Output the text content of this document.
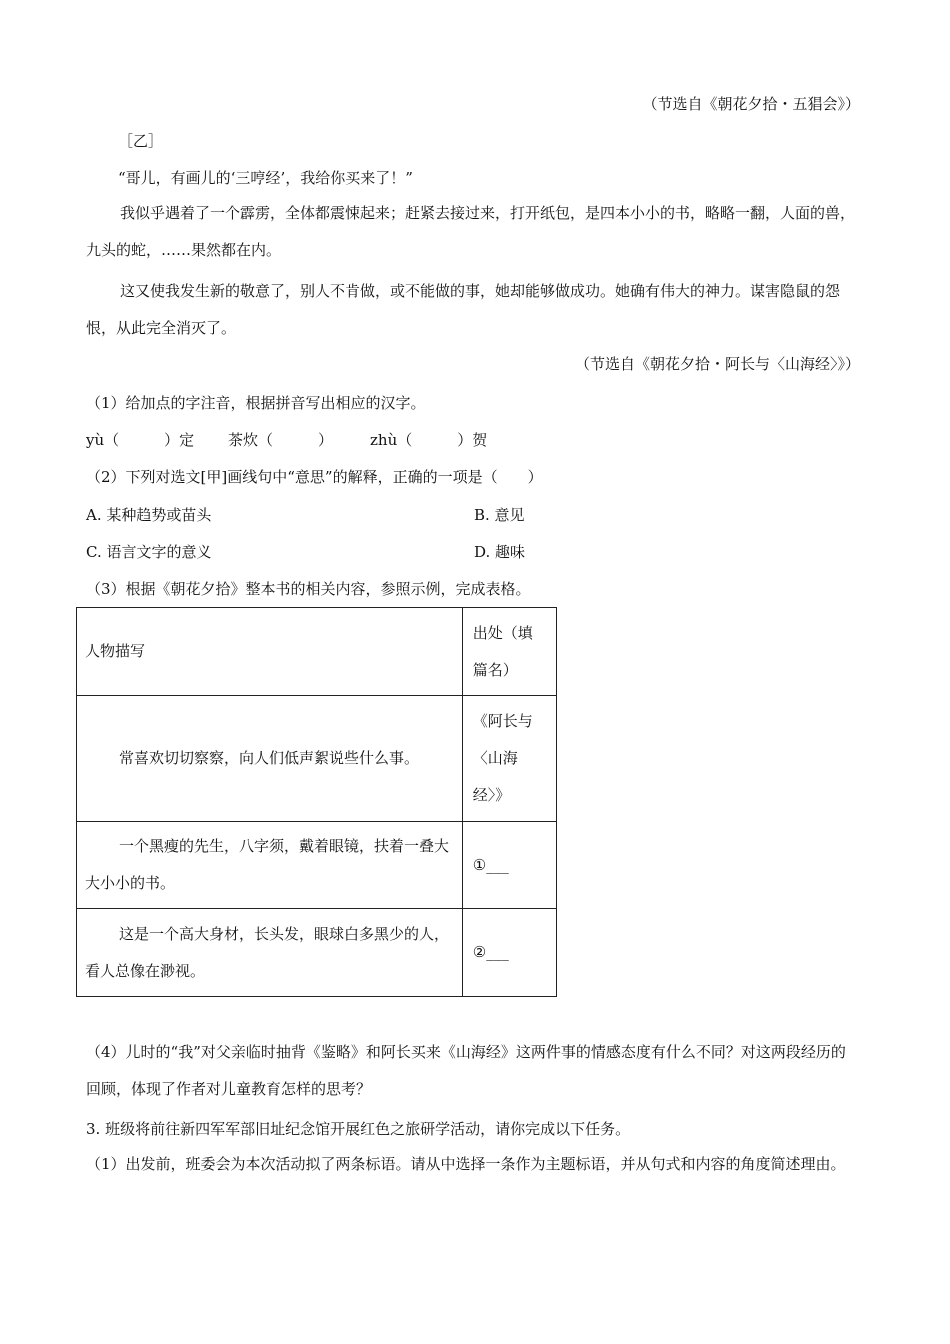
（节选自《朝花夕拾・五猖会》）
［乙］
“哥儿，有画儿的‘三哼经’，我给你买来了！”
我似乎遇着了一个霹雳，全体都震悚起来；赶紧去接过来，打开纸包，是四本小小的书，略略一翻，人面的兽，九头的蛇，……果然都在内。
这又使我发生新的敬意了，别人不肯做，或不能做的事，她却能够做成功。她确有伟大的神力。谋害隐鼠的怨恨，从此完全消灭了。
（节选自《朝花夕拾・阿长与〈山海经〉》）
（1）给加点的字注音，根据拼音写出相应的汉字。
yù（　　　）定 茶炊（　　　） zhù（　　　）贺
（2）下列对选文[甲]画线句中“意思”的解释，正确的一项是（　　）
A. 某种趋势或苗头	B. 意见
C. 语言文字的意义	D. 趣味
（3）根据《朝花夕拾》整本书的相关内容，参照示例，完成表格。
人物描写	出处（填篇名）
常喜欢切切察察，向人们低声絮说些什么事。	《阿长与〈山海经〉》
一个黑瘦的先生，八字须，戴着眼镜，扶着一叠大大小小的书。	①___
这是一个高大身材，长头发，眼球白多黑少的人，看人总像在渺视。	②___
（4）儿时的“我”对父亲临时抽背《鉴略》和阿长买来《山海经》这两件事的情感态度有什么不同？对这两段经历的回顾，体现了作者对儿童教育怎样的思考？
3. 班级将前往新四军军部旧址纪念馆开展红色之旅研学活动，请你完成以下任务。
（1）出发前，班委会为本次活动拟了两条标语。请从中选择一条作为主题标语，并从句式和内容的角度简述理由。
